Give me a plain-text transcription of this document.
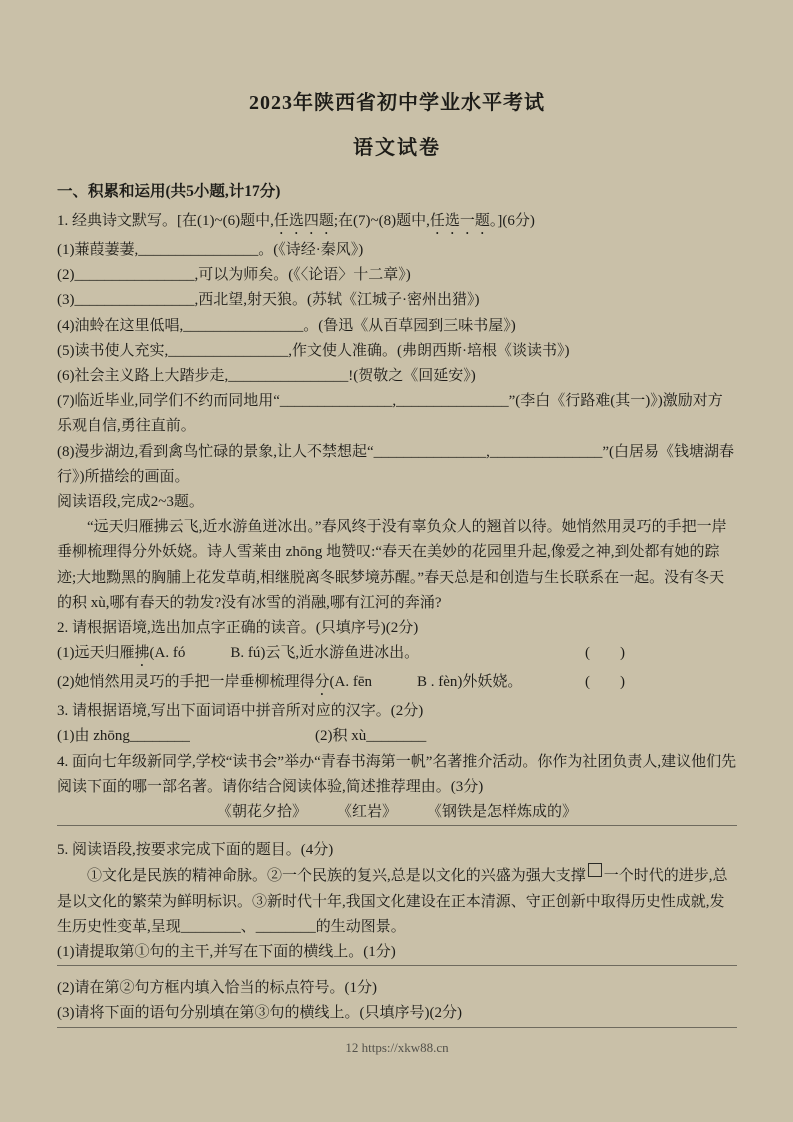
2023年陕西省初中学业水平考试
语文试卷
一、积累和运用(共5小题,计17分)
1. 经典诗文默写。[在(1)~(6)题中,任选四题;在(7)~(8)题中,任选一题。](6分)
(1)蒹葭萋萋,________________。(《诗经·秦风》)
(2)________________,可以为师矣。(《〈论语〉十二章》)
(3)________________,西北望,射天狼。(苏轼《江城子·密州出猎》)
(4)油蛉在这里低唱,________________。(鲁迅《从百草园到三味书屋》)
(5)读书使人充实,________________,作文使人准确。(弗朗西斯·培根《谈读书》)
(6)社会主义路上大踏步走,________________!(贺敬之《回延安》)
(7)临近毕业,同学们不约而同地用“_______________,_______________”(李白《行路难(其一)》)激励对方乐观自信,勇往直前。
(8)漫步湖边,看到禽鸟忙碌的景象,让人不禁想起“_______________,_______________”(白居易《钱塘湖春行》)所描绘的画面。
阅读语段,完成2~3题。
“远天归雁拂云飞,近水游鱼迸冰出。”春风终于没有辜负众人的翘首以待。她悄然用灵巧的手把一岸垂柳梳理得分外妖娆。诗人雪莱由 zhōng 地赞叹:“春天在美妙的花园里升起,像爱之神,到处都有她的踪迹;大地黝黑的胸脯上花发草萌,相继脱离冬眠梦境苏醒。”春天总是和创造与生长联系在一起。没有冬天的积 xù,哪有春天的勃发?没有冰雪的消融,哪有江河的奔涌?
2. 请根据语境,选出加点字正确的读音。(只填序号)(2分)
(1)远天归雁拂(A. fó　　　B. fú)云飞,近水游鱼进冰出。	(　　)
(2)她悄然用灵巧的手把一岸垂柳梳理得分(A. fēn　　　B . fèn)外妖娆。	(　　)
3. 请根据语境,写出下面词语中拼音所对应的汉字。(2分)
(1)由 zhōng________	(2)积 xù________
4. 面向七年级新同学,学校“读书会”举办“青春书海第一帆”名著推介活动。你作为社团负责人,建议他们先阅读下面的哪一部名著。请你结合阅读体验,简述推荐理由。(3分)
《朝花夕拾》　　　《红岩》　　　《钢铁是怎样炼成的》
5. 阅读语段,按要求完成下面的题目。(4分)
①文化是民族的精神命脉。②一个民族的复兴,总是以文化的兴盛为强大支撑 一个时代的进步,总是以文化的繁荣为鲜明标识。③新时代十年,我国文化建设在正本清源、守正创新中取得历史性成就,发生历史性变革,呈现________、________的生动图景。
(1)请提取第①句的主干,并写在下面的横线上。(1分)
(2)请在第②句方框内填入恰当的标点符号。(1分)
(3)请将下面的语句分别填在第③句的横线上。(只填序号)(2分)
12 https://xkw88.cn
